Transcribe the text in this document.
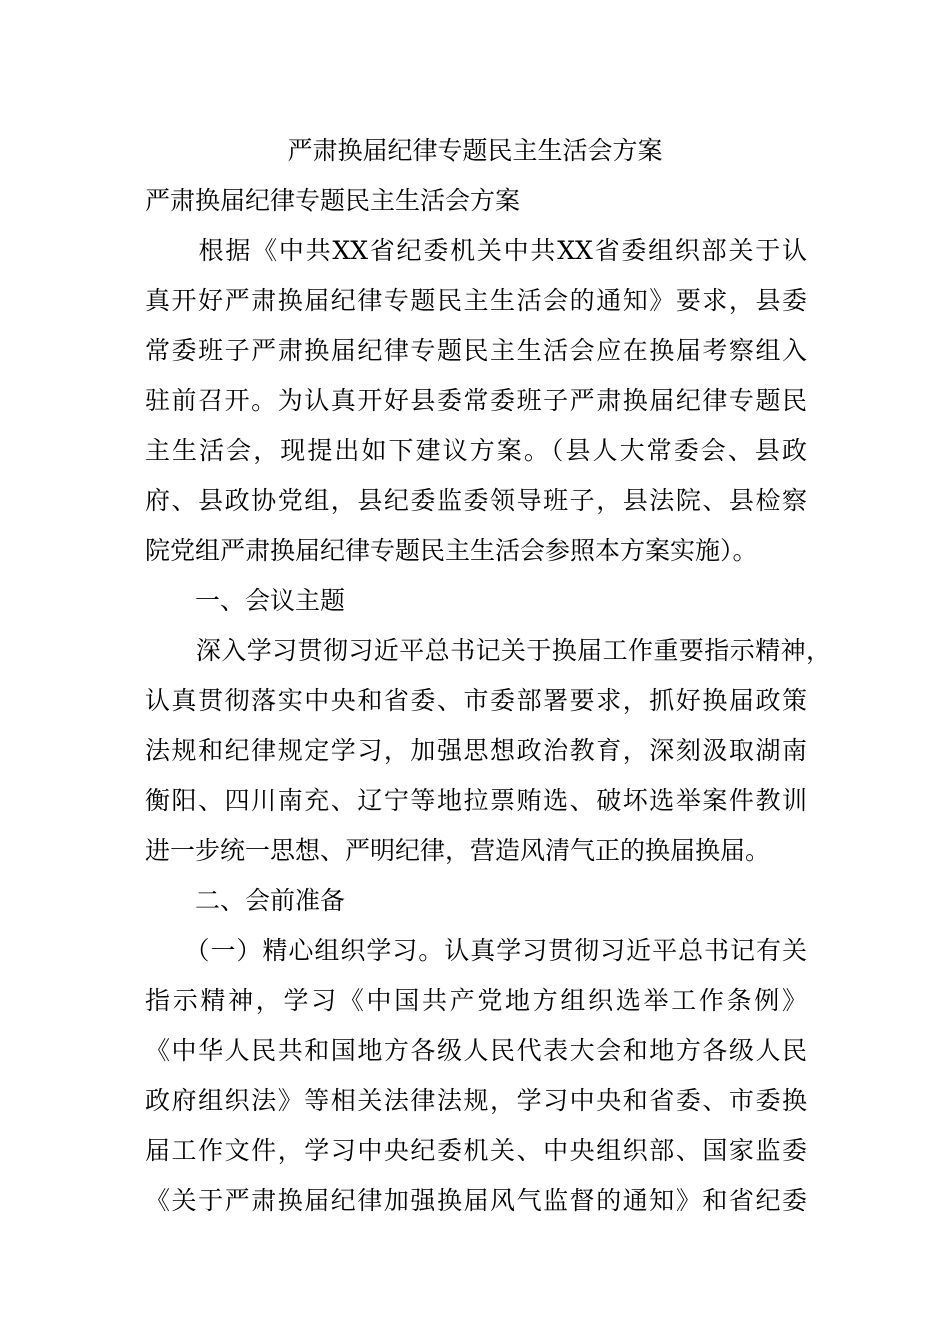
严肃换届纪律专题民主生活会方案

严肃换届纪律专题民主生活会方案

　　根据《中共XX省纪委机关中共XX省委组织部关于认

真开好严肃换届纪律专题民主生活会的通知》要求，县委

常委班子严肃换届纪律专题民主生活会应在换届考察组入

驻前召开。为认真开好县委常委班子严肃换届纪律专题民

主生活会，现提出如下建议方案。（县人大常委会、县政

府、县政协党组，县纪委监委领导班子，县法院、县检察

院党组严肃换届纪律专题民主生活会参照本方案实施）。

　　一、会议主题

　　深入学习贯彻习近平总书记关于换届工作重要指示精神，

认真贯彻落实中央和省委、市委部署要求，抓好换届政策

法规和纪律规定学习，加强思想政治教育，深刻汲取湖南

衡阳、四川南充、辽宁等地拉票贿选、破坏选举案件教训

进一步统一思想、严明纪律，营造风清气正的换届换届。

　　二、会前准备

　　（一）精心组织学习。认真学习贯彻习近平总书记有关

指示精神，学习《中国共产党地方组织选举工作条例》

《中华人民共和国地方各级人民代表大会和地方各级人民

政府组织法》等相关法律法规，学习中央和省委、市委换

届工作文件，学习中央纪委机关、中央组织部、国家监委

《关于严肃换届纪律加强换届风气监督的通知》和省纪委
